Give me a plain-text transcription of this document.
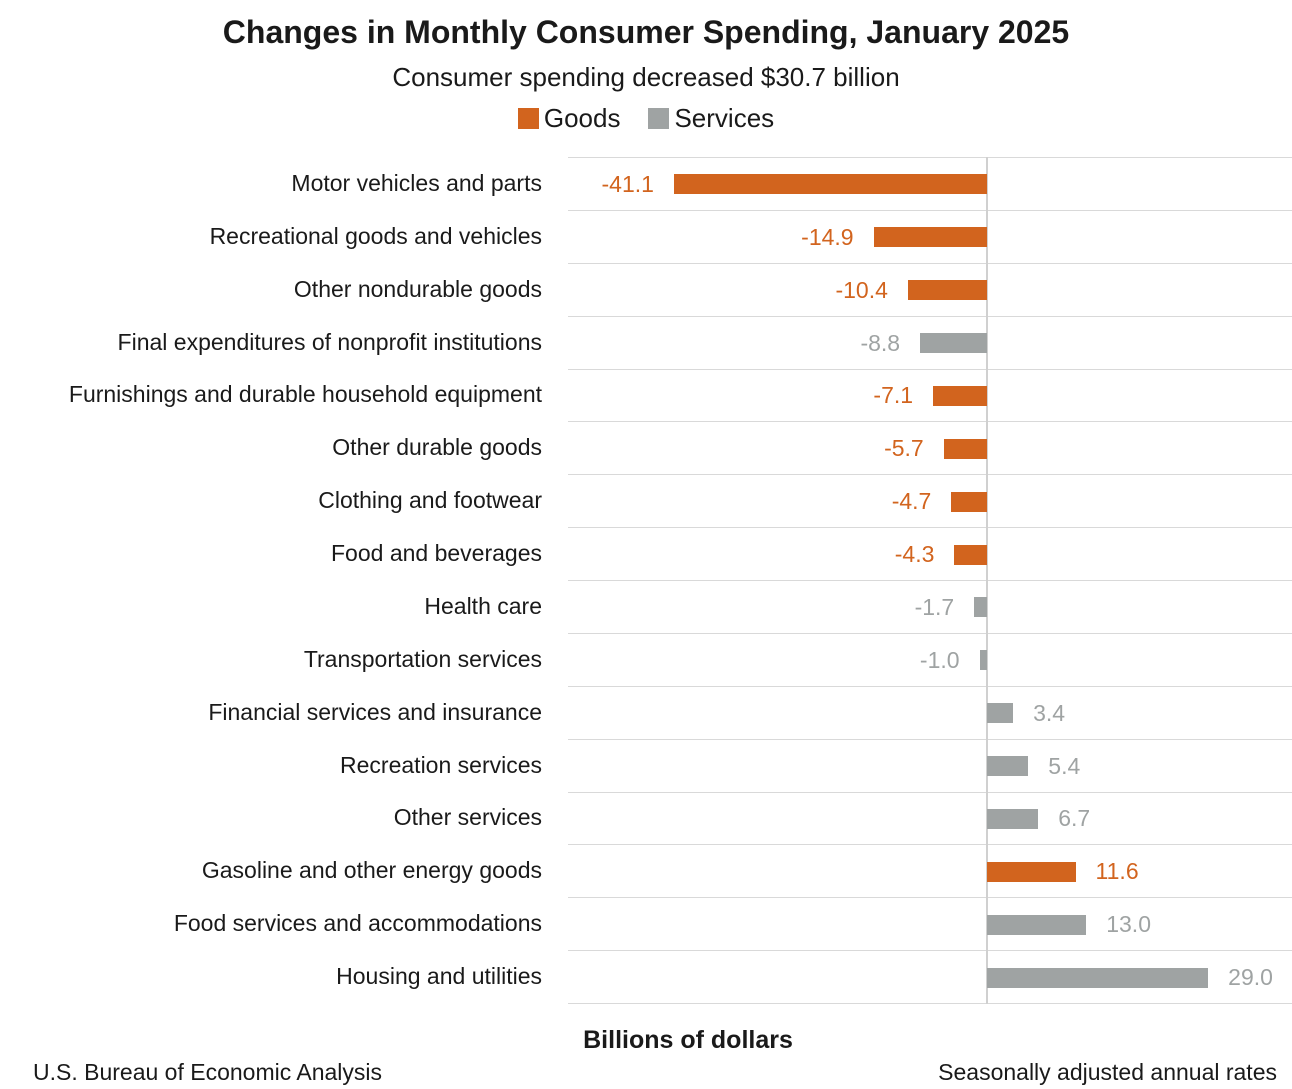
Changes in Monthly Consumer Spending, January 2025
Consumer spending decreased $30.7 billion
Goods Services
Motor vehicles and parts	-41.1
Recreational goods and vehicles	-14.9
Other nondurable goods	-10.4
Final expenditures of nonprofit institutions	-8.8
Furnishings and durable household equipment	-7.1
Other durable goods	-5.7
Clothing and footwear	-4.7
Food and beverages	-4.3
Health care	-1.7
Transportation services	-1.0
Financial services and insurance	3.4
Recreation services	5.4
Other services	6.7
Gasoline and other energy goods	11.6
Food services and accommodations	13.0
Housing and utilities	29.0
Billions of dollars
U.S. Bureau of Economic Analysis	Seasonally adjusted annual rates
